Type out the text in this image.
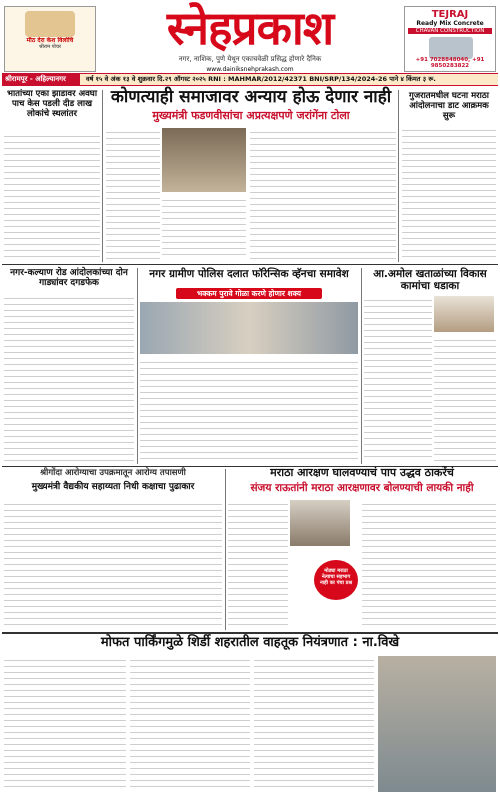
मीठ देरा केश विलोचि
श्रीराम पोचर	स्नेहप्रकाश
नगर, नाशिक, पुणे येथून एकाचवेळी प्रसिद्ध होणारे दैनिक
TEJRAJ
Ready Mix Concrete
CHAVAN CONSTRUCTION
+91 7028848040, +91 9850283822
www.dainiksnehprakash.com
श्रीरामपूर - अहिल्यानगर	वर्ष १५ वे अंक १३ वे शुक्रवार दि.२९ ऑगस्ट २०२५ RNI : MAHMAR/2012/42371 BNI/SRP/134/2024-26 पाने ४ किंमत ३ रू.
भातांच्या एका झाडावर अवघा पाच केस पडली दीड लाख लोकांचे स्थलांतर
कोणत्याही समाजावर अन्याय होऊ देणार नाही
मुख्यमंत्री फडणवीसांचा अप्रत्यक्षपणे जरांगेंना टोला
गुजरातमधील घटना मराठा आंदोलनाचा डाट आक्रमक सुरू
नगर-कल्याण रोड आंदोलकांच्या दोन गाड्यांवर दगडफेक
नगर ग्रामीण पोलिस दलात फॉरेन्सिक व्हॅनचा समावेश
भक्कम पुरावे गोळा करणे होणार शक्य
आ.अमोल खताळांच्या विकास कामांचा धडाका
श्रीगोंदा आरोग्याचा उपक्रमातून आरोग्य तपासणी
मुख्यमंत्री वैद्यकीय सहाय्यता निधी कक्षाचा पुढाकार
मराठा आरक्षण घालवण्याचं पाप उद्धव ठाकरेंचं
संजय राऊतांनी मराठा आरक्षणावर बोलण्याची लायकी नाही
मोठ्या मराठा नेत्याचा सहभाग नाही का पंचा प्रश्न
मोफत पार्किंगमुळे शिर्डी शहरातील वाहतूक नियंत्रणात : ना.विखे
